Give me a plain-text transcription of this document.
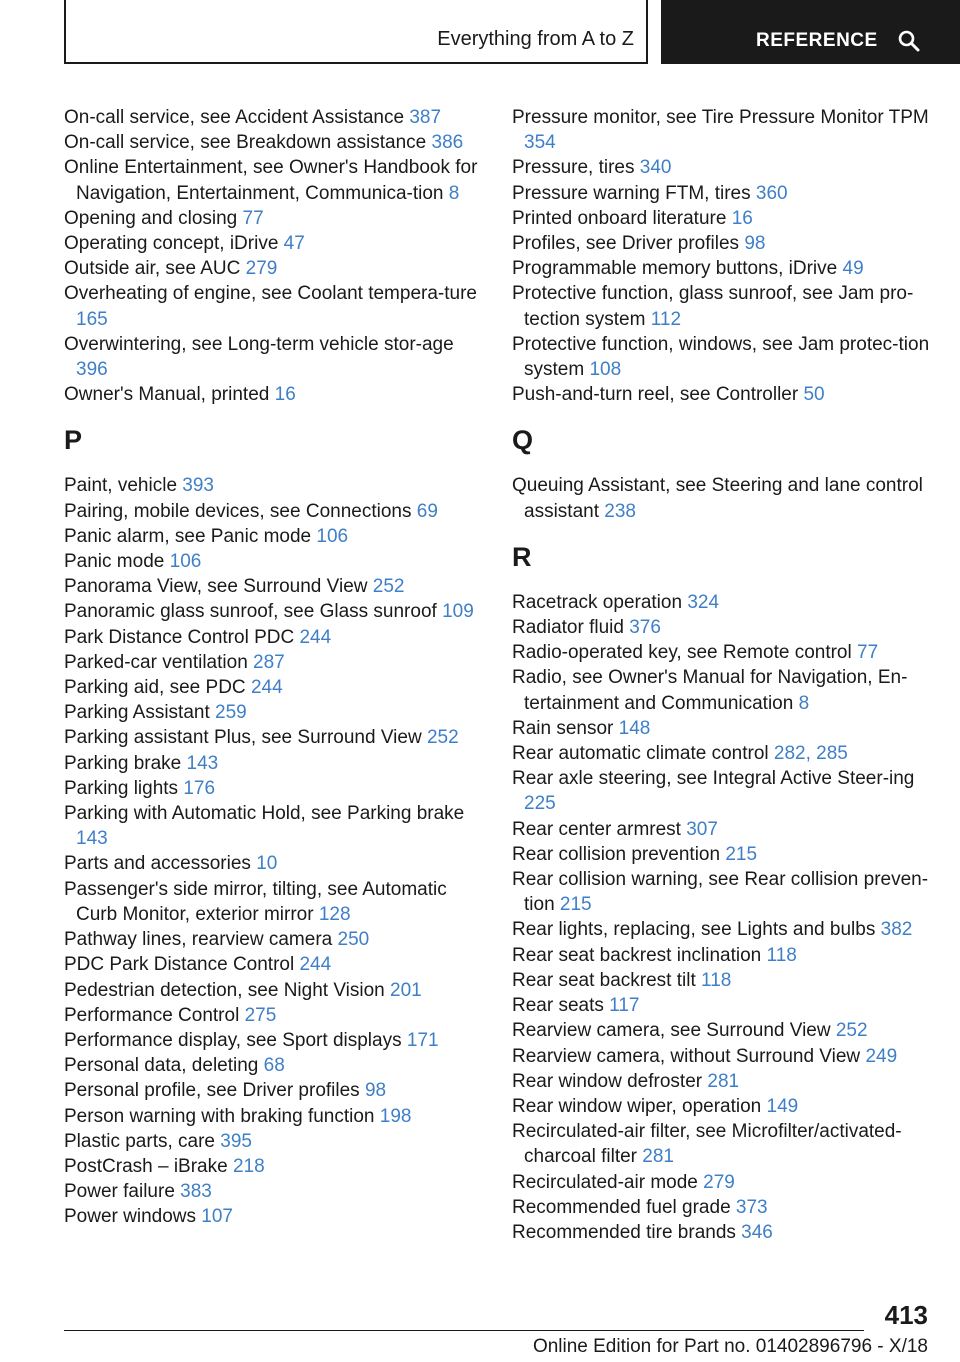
Everything from A to Z	REFERENCE
On-call service, see Accident Assistance 387
On-call service, see Breakdown assistance 386
Online Entertainment, see Owner's Handbook for Navigation, Entertainment, Communica‐tion 8
Opening and closing 77
Operating concept, iDrive 47
Outside air, see AUC 279
Overheating of engine, see Coolant tempera‐ture 165
Overwintering, see Long-term vehicle stor‐age 396
Owner's Manual, printed 16
P
Paint, vehicle 393
Pairing, mobile devices, see Connections 69
Panic alarm, see Panic mode 106
Panic mode 106
Panorama View, see Surround View 252
Panoramic glass sunroof, see Glass sunroof 109
Park Distance Control PDC 244
Parked-car ventilation 287
Parking aid, see PDC 244
Parking Assistant 259
Parking assistant Plus, see Surround View 252
Parking brake 143
Parking lights 176
Parking with Automatic Hold, see Parking brake 143
Parts and accessories 10
Passenger's side mirror, tilting, see Automatic Curb Monitor, exterior mirror 128
Pathway lines, rearview camera 250
PDC Park Distance Control 244
Pedestrian detection, see Night Vision 201
Performance Control 275
Performance display, see Sport displays 171
Personal data, deleting 68
Personal profile, see Driver profiles 98
Person warning with braking function 198
Plastic parts, care 395
PostCrash – iBrake 218
Power failure 383
Power windows 107
Pressure monitor, see Tire Pressure Monitor TPM 354
Pressure, tires 340
Pressure warning FTM, tires 360
Printed onboard literature 16
Profiles, see Driver profiles 98
Programmable memory buttons, iDrive 49
Protective function, glass sunroof, see Jam pro‐tection system 112
Protective function, windows, see Jam protec‐tion system 108
Push-and-turn reel, see Controller 50
Q
Queuing Assistant, see Steering and lane control assistant 238
R
Racetrack operation 324
Radiator fluid 376
Radio-operated key, see Remote control 77
Radio, see Owner's Manual for Navigation, En‐tertainment and Communication 8
Rain sensor 148
Rear automatic climate control 282, 285
Rear axle steering, see Integral Active Steer‐ing 225
Rear center armrest 307
Rear collision prevention 215
Rear collision warning, see Rear collision preven‐tion 215
Rear lights, replacing, see Lights and bulbs 382
Rear seat backrest inclination 118
Rear seat backrest tilt 118
Rear seats 117
Rearview camera, see Surround View 252
Rearview camera, without Surround View 249
Rear window defroster 281
Rear window wiper, operation 149
Recirculated-air filter, see Microfilter/activated-charcoal filter 281
Recirculated-air mode 279
Recommended fuel grade 373
Recommended tire brands 346
413
Online Edition for Part no. 01402896796 - X/18
